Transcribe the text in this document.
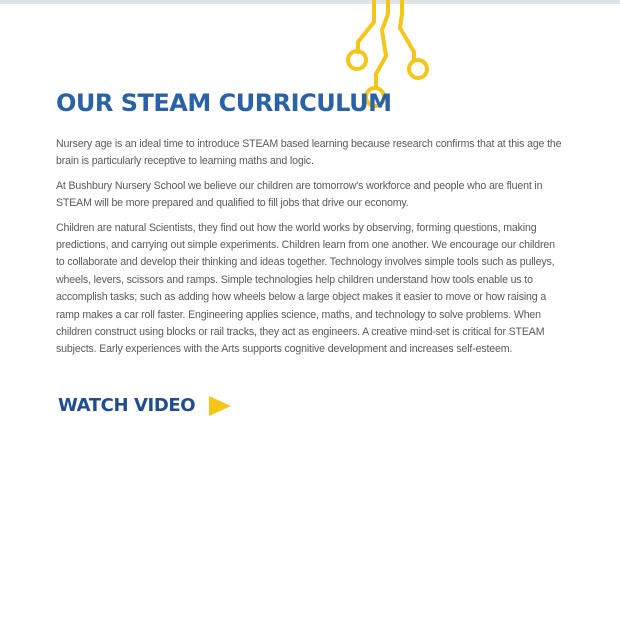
OUR STEAM CURRICULUM

Nursery age is an ideal time to introduce STEAM based learning because research confirms that at this age the brain is particularly receptive to learning maths and logic.

At Bushbury Nursery School we believe our children are tomorrow's workforce and people who are fluent in STEAM will be more prepared and qualified to fill jobs that drive our economy.

Children are natural Scientists, they find out how the world works by observing, forming questions, making predictions, and carrying out simple experiments. Children learn from one another. We encourage our children to collaborate and develop their thinking and ideas together. Technology involves simple tools such as pulleys, wheels, levers, scissors and ramps. Simple technologies help children understand how tools enable us to accomplish tasks; such as adding how wheels below a large object makes it easier to move or how raising a ramp makes a car roll faster. Engineering applies science, maths, and technology to solve problems. When children construct using blocks or rail tracks, they act as engineers. A creative mind-set is critical for STEAM subjects. Early experiences with the Arts supports cognitive development and increases self-esteem.

WATCH VIDEO
